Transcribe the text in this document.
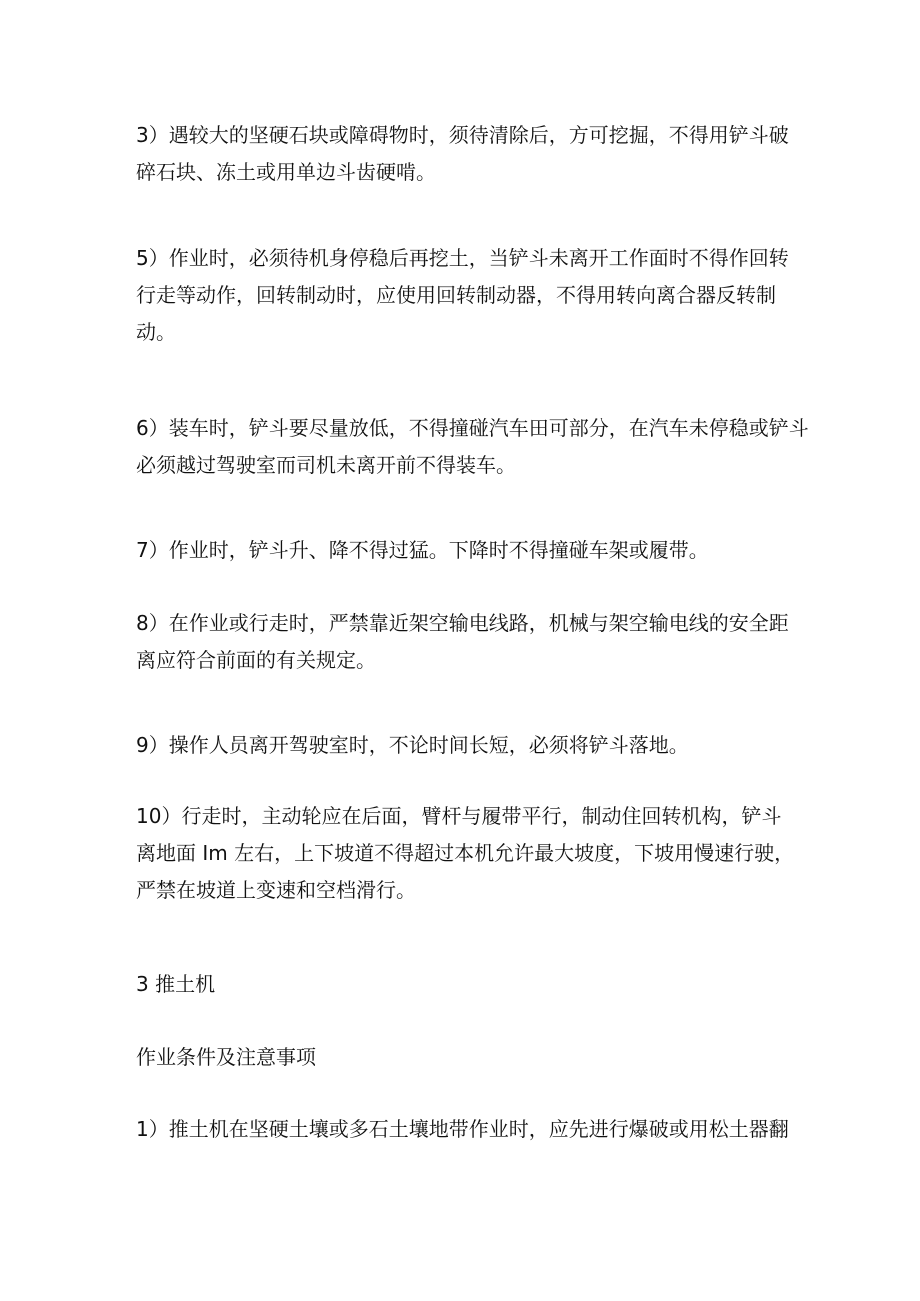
3）遇较大的坚硬石块或障碍物时，须待清除后，方可挖掘，不得用铲斗破
碎石块、冻土或用单边斗齿硬啃。

5）作业时，必须待机身停稳后再挖土，当铲斗未离开工作面时不得作回转
行走等动作，回转制动时，应使用回转制动器，不得用转向离合器反转制
动。

6）装车时，铲斗要尽量放低，不得撞碰汽车田可部分，在汽车未停稳或铲斗
必须越过驾驶室而司机未离开前不得装车。

7）作业时，铲斗升、降不得过猛。下降时不得撞碰车架或履带。

8）在作业或行走时，严禁靠近架空输电线路，机械与架空输电线的安全距
离应符合前面的有关规定。

9）操作人员离开驾驶室时，不论时间长短，必须将铲斗落地。

10）行走时，主动轮应在后面，臂杆与履带平行，制动住回转机构，铲斗
离地面 Im 左右，上下坡道不得超过本机允许最大坡度，下坡用慢速行驶，
严禁在坡道上变速和空档滑行。

3 推土机

作业条件及注意事项

1）推土机在坚硬土壤或多石土壤地带作业时，应先进行爆破或用松土器翻
